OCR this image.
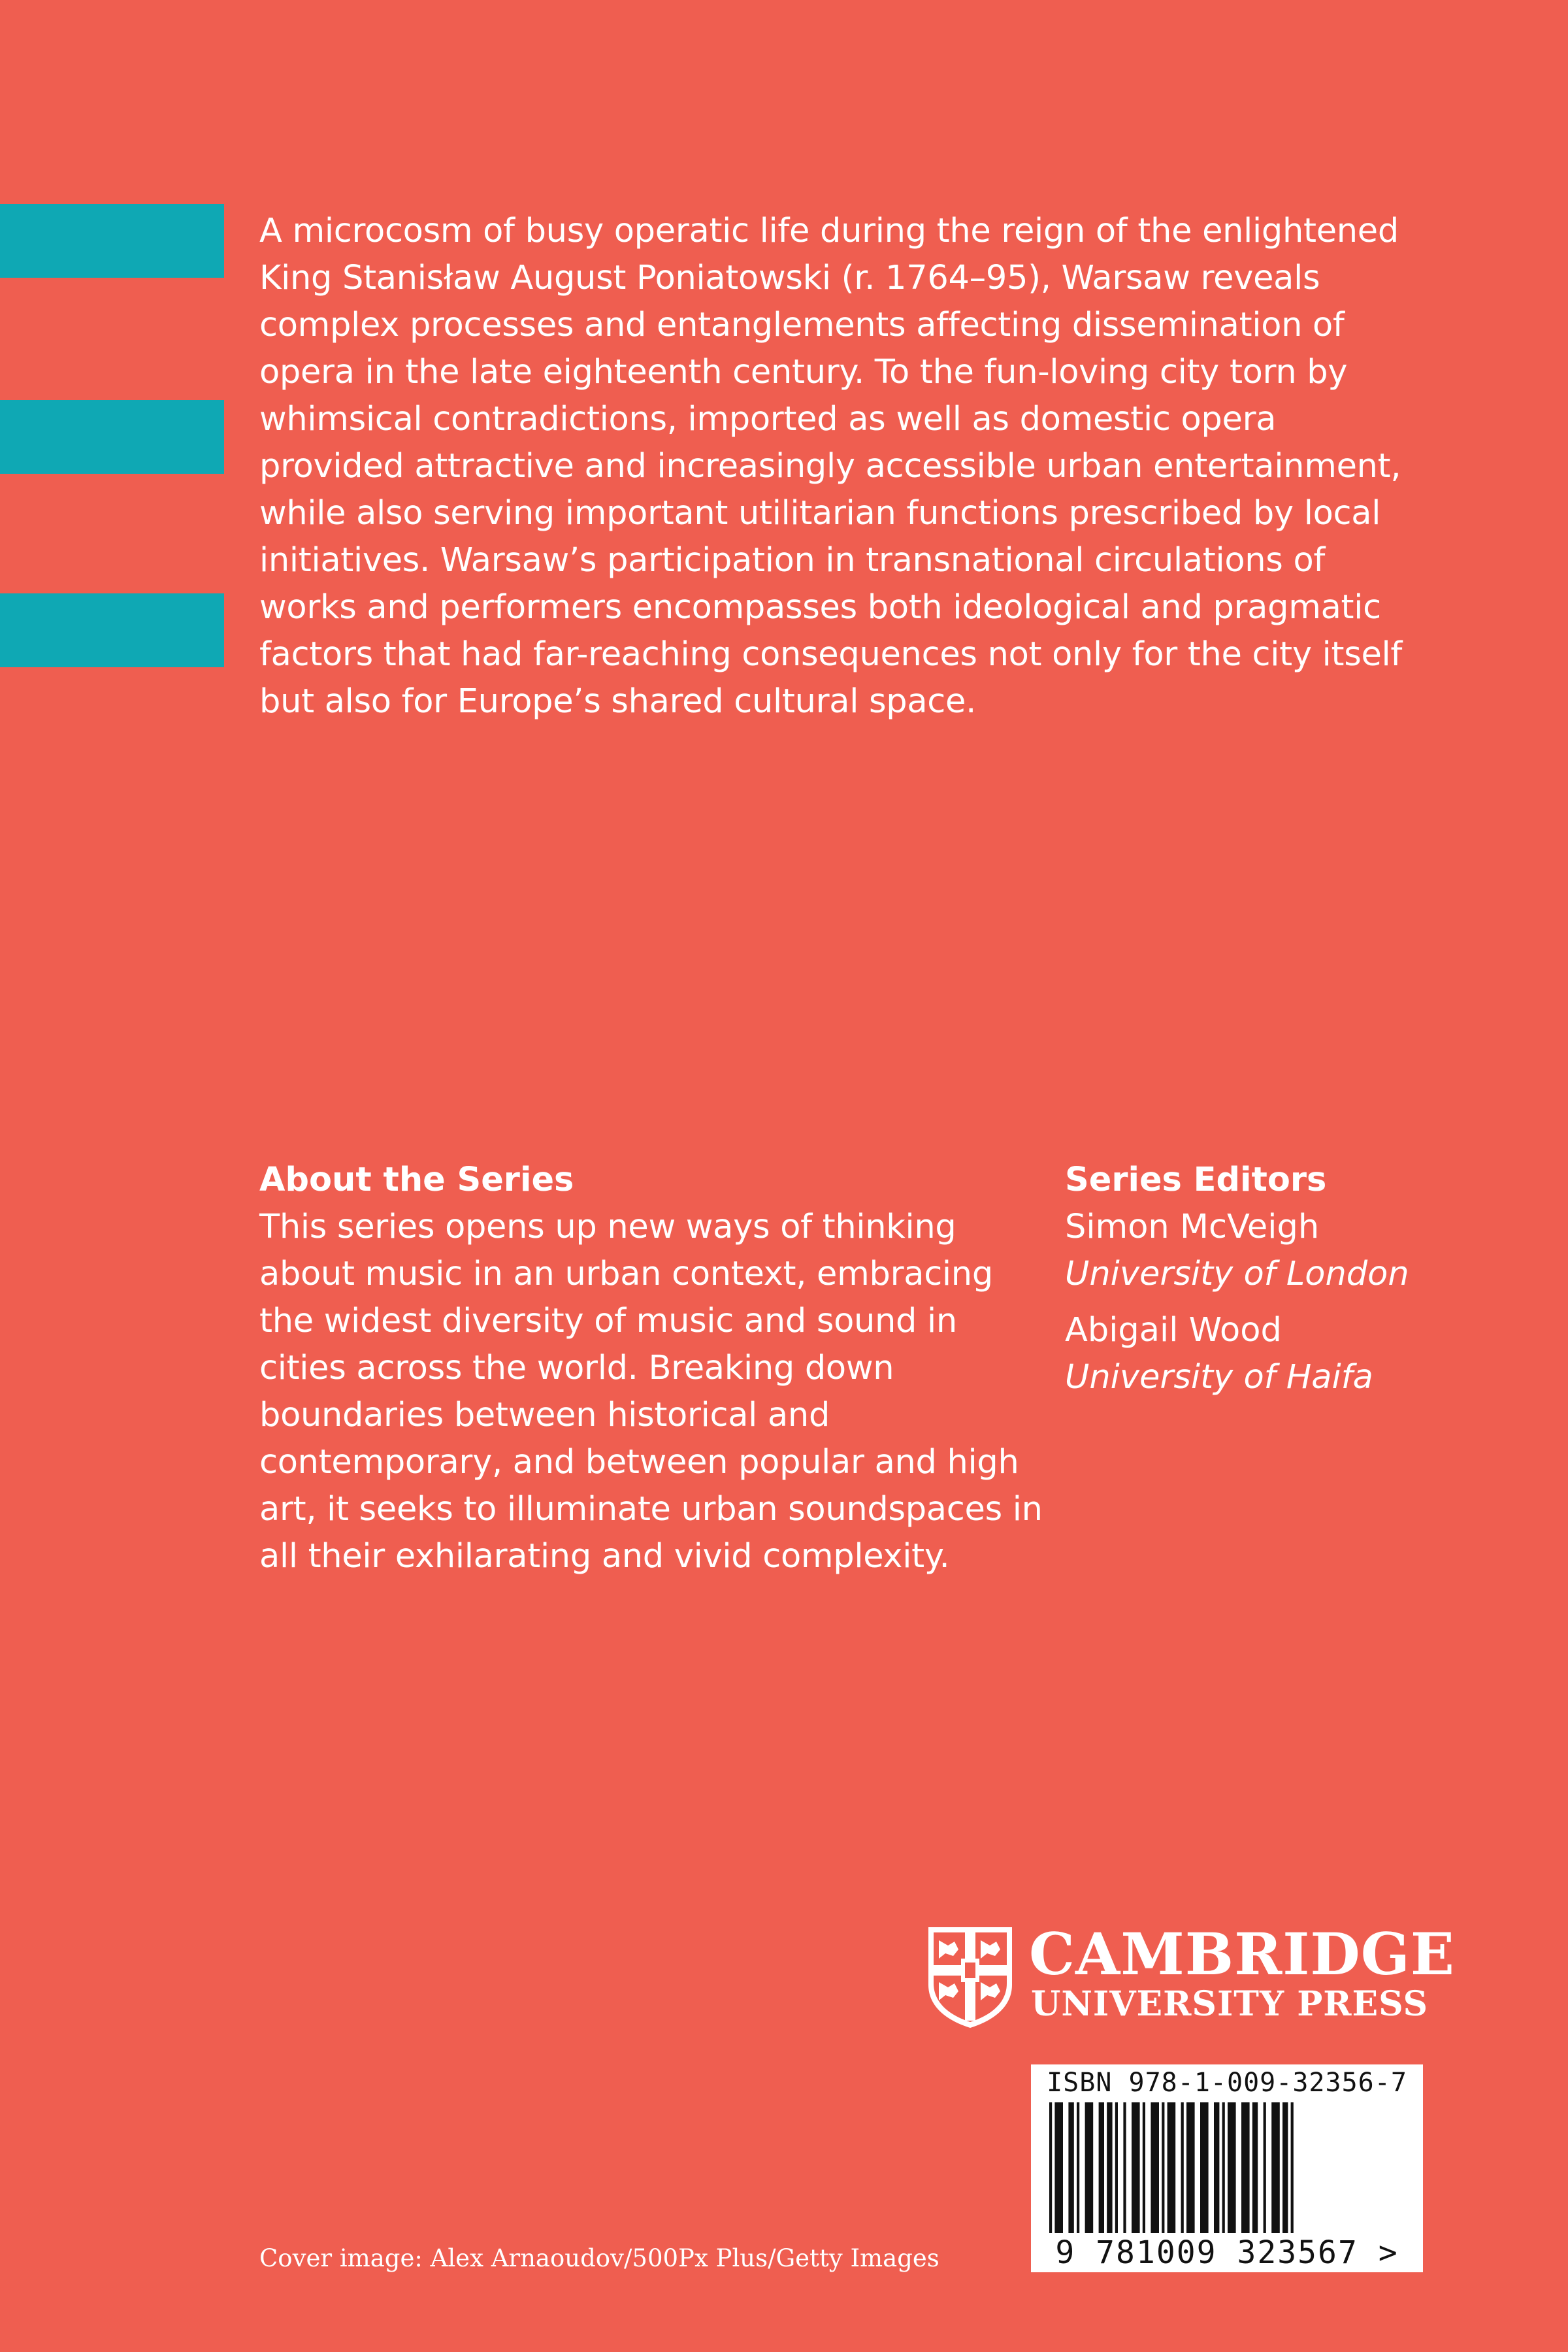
A microcosm of busy operatic life during the reign of the enlightened King Stanisław August Poniatowski (r. 1764–95), Warsaw reveals complex processes and entanglements affecting dissemination of opera in the late eighteenth century. To the fun-loving city torn by whimsical contradictions, imported as well as domestic opera provided attractive and increasingly accessible urban entertainment, while also serving important utilitarian functions prescribed by local initiatives. Warsaw’s participation in transnational circulations of works and performers encompasses both ideological and pragmatic factors that had far-reaching consequences not only for the city itself but also for Europe’s shared cultural space.

About the Series

This series opens up new ways of thinking about music in an urban context, embracing the widest diversity of music and sound in cities across the world. Breaking down boundaries between historical and contemporary, and between popular and high art, it seeks to illuminate urban soundspaces in all their exhilarating and vivid complexity.

Series Editors
Simon McVeigh
University of London
Abigail Wood
University of Haifa
CAMBRIDGE
UNIVERSITY PRESS
ISBN 978-1-009-32356-7
9 781009 323567 >
Cover image: Alex Arnaoudov/500Px Plus/Getty Images
